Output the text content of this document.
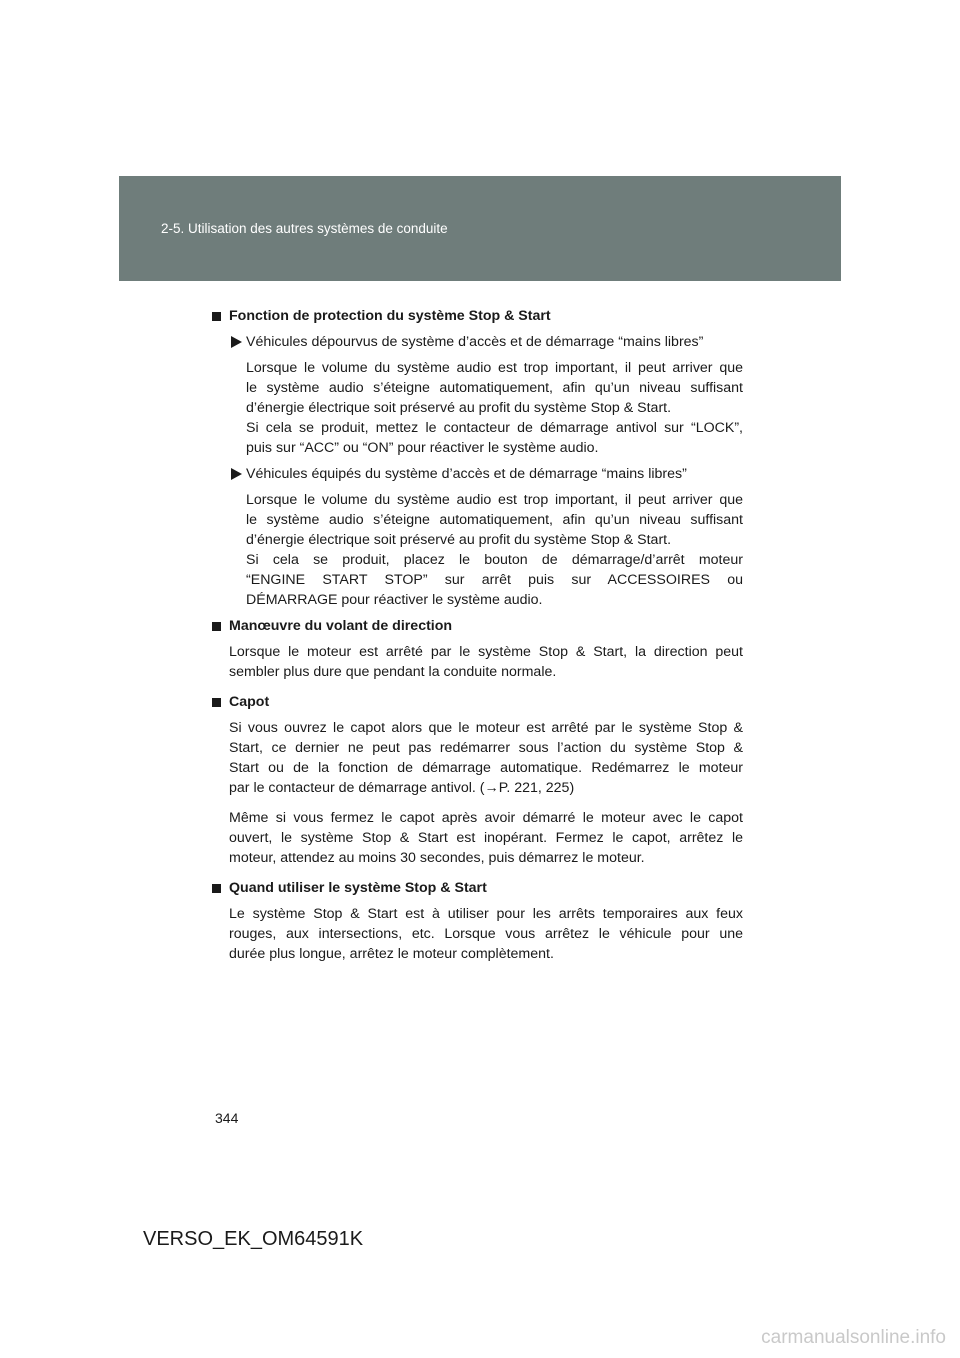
2-5. Utilisation des autres systèmes de conduite
Fonction de protection du système Stop & Start
Véhicules dépourvus de système d’accès et de démarrage “mains libres”
Lorsque le volume du système audio est trop important, il peut arriver que
le système audio s’éteigne automatiquement, afin qu’un niveau suffisant
d’énergie électrique soit préservé au profit du système Stop & Start.
Si cela se produit, mettez le contacteur de démarrage antivol sur “LOCK”,
puis sur “ACC” ou “ON” pour réactiver le système audio.
Véhicules équipés du système d’accès et de démarrage “mains libres”
Lorsque le volume du système audio est trop important, il peut arriver que
le système audio s’éteigne automatiquement, afin qu’un niveau suffisant
d’énergie électrique soit préservé au profit du système Stop & Start.
Si cela se produit, placez le bouton de démarrage/d’arrêt moteur
“ENGINE START STOP” sur arrêt puis sur ACCESSOIRES ou
DÉMARRAGE pour réactiver le système audio.
Manœuvre du volant de direction
Lorsque le moteur est arrêté par le système Stop & Start, la direction peut
sembler plus dure que pendant la conduite normale.
Capot
Si vous ouvrez le capot alors que le moteur est arrêté par le système Stop &
Start, ce dernier ne peut pas redémarrer sous l’action du système Stop &
Start ou de la fonction de démarrage automatique. Redémarrez le moteur
par le contacteur de démarrage antivol. (→P. 221, 225)
Même si vous fermez le capot après avoir démarré le moteur avec le capot
ouvert, le système Stop & Start est inopérant. Fermez le capot, arrêtez le
moteur, attendez au moins 30 secondes, puis démarrez le moteur.
Quand utiliser le système Stop & Start
Le système Stop & Start est à utiliser pour les arrêts temporaires aux feux
rouges, aux intersections, etc. Lorsque vous arrêtez le véhicule pour une
durée plus longue, arrêtez le moteur complètement.
344
VERSO_EK_OM64591K
carmanualsonline.info
